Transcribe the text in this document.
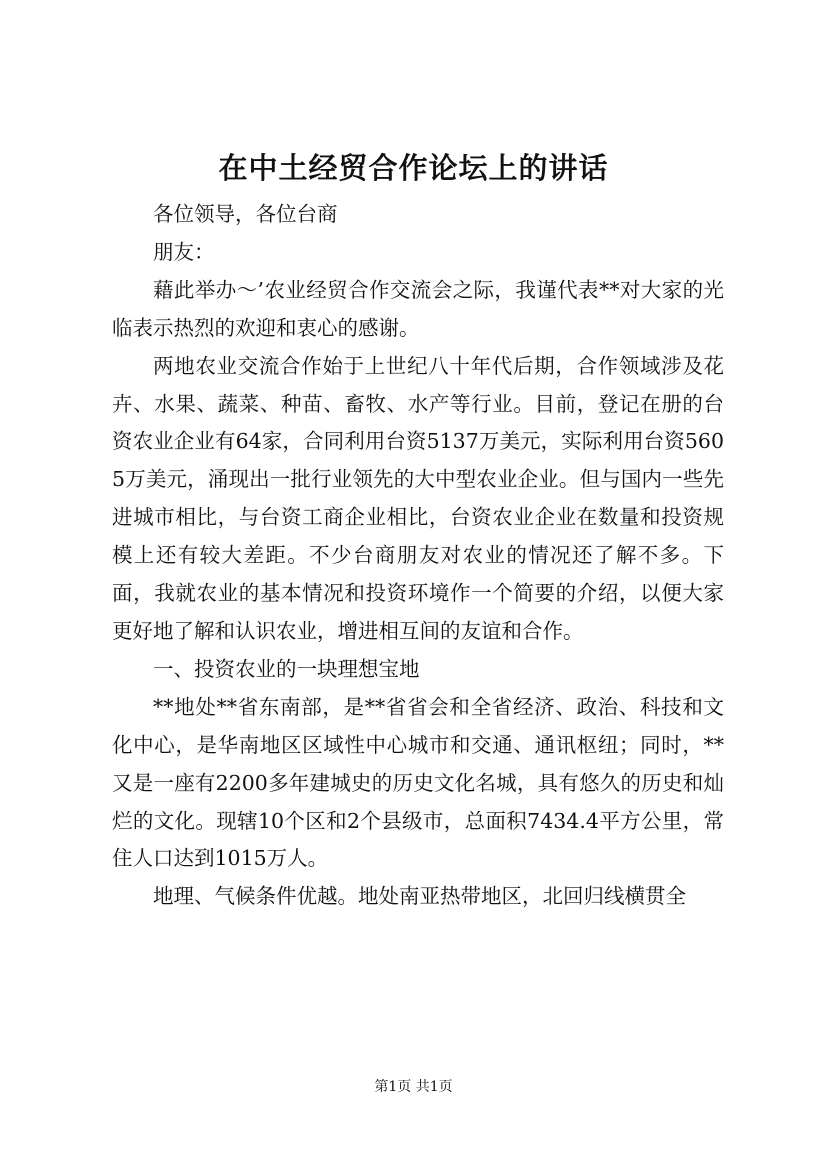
在中土经贸合作论坛上的讲话

各位领导，各位台商

朋友：

藉此举办～’农业经贸合作交流会之际，我谨代表**对大家的光临表示热烈的欢迎和衷心的感谢。

两地农业交流合作始于上世纪八十年代后期，合作领域涉及花卉、水果、蔬菜、种苗、畜牧、水产等行业。目前，登记在册的台资农业企业有64家，合同利用台资5137万美元，实际利用台资5605万美元，涌现出一批行业领先的大中型农业企业。但与国内一些先进城市相比，与台资工商企业相比，台资农业企业在数量和投资规模上还有较大差距。不少台商朋友对农业的情况还了解不多。下面，我就农业的基本情况和投资环境作一个简要的介绍，以便大家更好地了解和认识农业，增进相互间的友谊和合作。

一、投资农业的一块理想宝地

**地处**省东南部，是**省省会和全省经济、政治、科技和文化中心，是华南地区区域性中心城市和交通、通讯枢纽；同时，**又是一座有2200多年建城史的历史文化名城，具有悠久的历史和灿烂的文化。现辖10个区和2个县级市，总面积7434.4平方公里，常住人口达到1015万人。

地理、气候条件优越。地处南亚热带地区，北回归线横贯全

第1页 共1页
